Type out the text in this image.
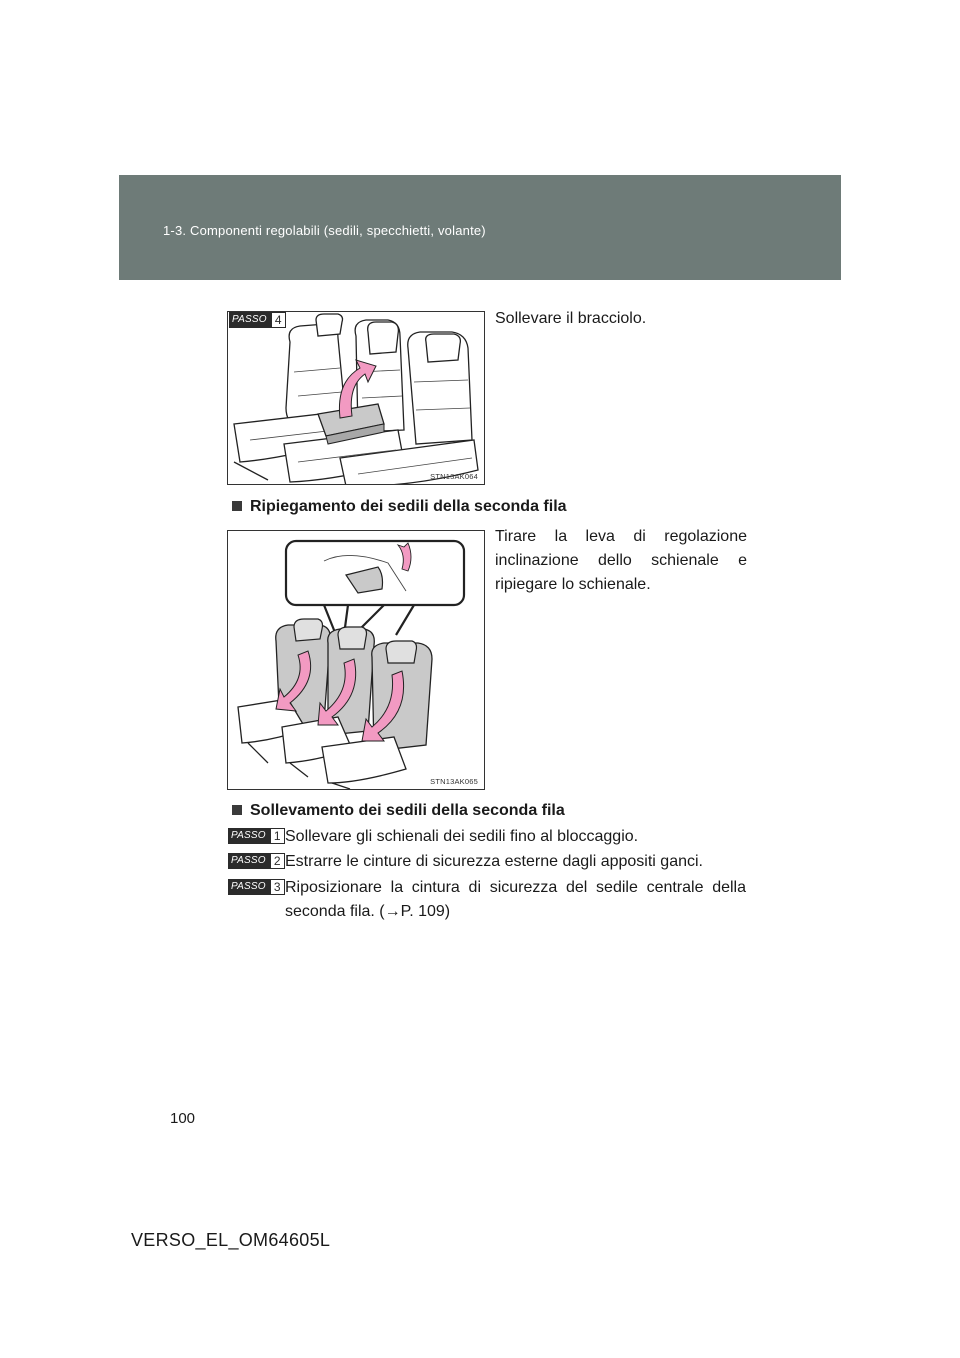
1-3. Componenti regolabili (sedili, specchietti, volante)
PASSO 4
STN13AK064
Sollevare il bracciolo.
Ripiegamento dei sedili della seconda fila
STN13AK065
Tirare la leva di regolazione inclinazione dello schienale e ripiegare lo schienale.
Sollevamento dei sedili della seconda fila
PASSO 1 Sollevare gli schienali dei sedili fino al bloccaggio.
PASSO 2 Estrarre le cinture di sicurezza esterne dagli appositi ganci.
PASSO 3 Riposizionare la cintura di sicurezza del sedile centrale della seconda fila. (→P. 109)
100
VERSO_EL_OM64605L
